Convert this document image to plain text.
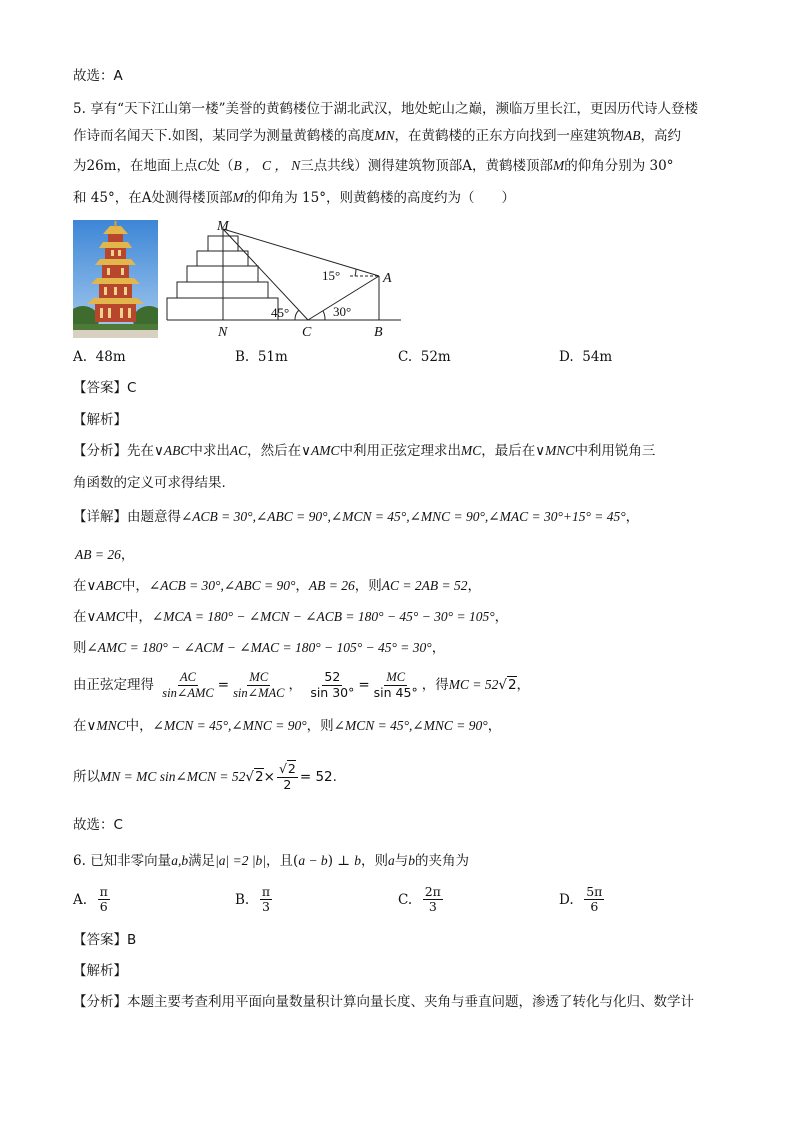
故选：A
5. 享有“天下江山第一楼”美誉的黄鹤楼位于湖北武汉，地处蛇山之巅，濒临万里长江，更因历代诗人登楼
作诗而名闻天下.如图，某同学为测量黄鹤楼的高度MN，在黄鹤楼的正东方向找到一座建筑物AB，高约
为26m，在地面上点C处（B ， C ， N三点共线）测得建筑物顶部A，黄鹤楼顶部M的仰角分别为 30°
和 45°，在A处测得楼顶部M的仰角为 15°，则黄鹤楼的高度约为（　　）
M
N	C	B
A
45°	30°
15°
A. 48m	B. 51m	C. 52m	D. 54m
【答案】C
【解析】
【分析】先在∨ABC中求出AC，然后在∨AMC中利用正弦定理求出MC，最后在∨MNC中利用锐角三
角函数的定义可求得结果.
【详解】由题意得∠ACB = 30°,∠ABC = 90°,∠MCN = 45°,∠MNC = 90°,∠MAC = 30°+15° = 45°，
AB = 26，
在∨ABC中，∠ACB = 30°,∠ABC = 90°，AB = 26，则AC = 2AB = 52，
在∨AMC中，∠MCA = 180° − ∠MCN − ∠ACB = 180° − 45° − 30° = 105°，
则∠AMC = 180° − ∠ACM − ∠MAC = 180° − 105° − 45° = 30°，
由正弦定理得 $\frac{AC}{\text{sin∠AMC}} = \frac{MC}{\text{sin∠MAC}}$ ， $\frac{52}{\sin 30^\circ} = \frac{MC}{\sin 45^\circ}$ ，得MC = 52√2，
在∨MNC中，∠MCN = 45°,∠MNC = 90°，则∠MCN = 45°,∠MNC = 90°，
所以MN = MC sin∠MCN = $52√2\times \frac{√2}{2} = 52$.
故选：C
6. 已知非零向量a,b满足|a| =2 |b|，且(a − b) ⊥ b，则a与b的夹角为
A. $\frac{\pi}{6}$	B. $\frac{\pi}{3}$	C. $\frac{2\pi}{3}$	D. $\frac{5\pi}{6}$
【答案】B
【解析】
【分析】本题主要考查利用平面向量数量积计算向量长度、夹角与垂直问题，渗透了转化与化归、数学计
